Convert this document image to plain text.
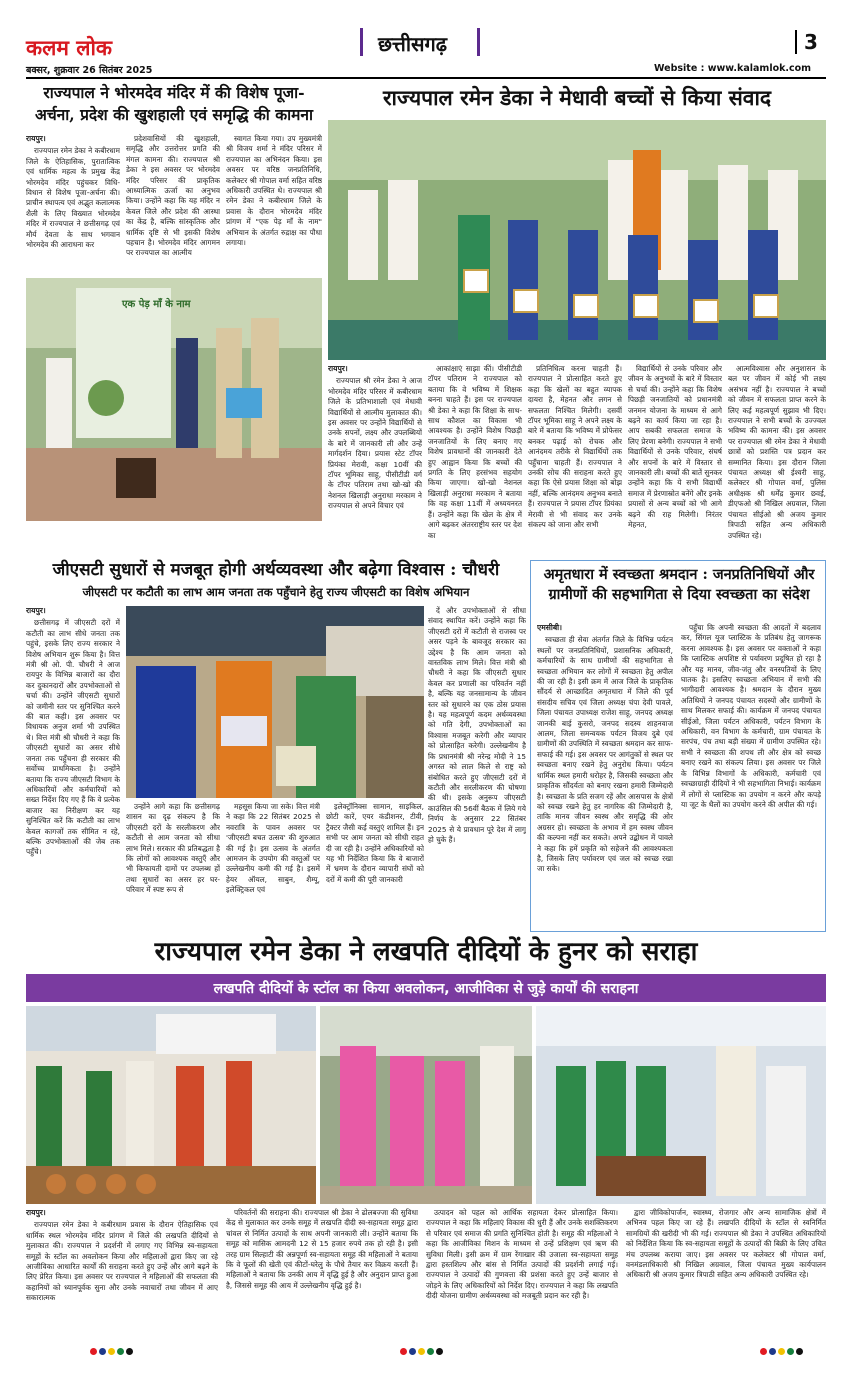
कलम लोक	छत्तीसगढ़	3
बक्सर, शुक्रवार 26 सितंबर 2025	Website : www.kalamlok.com
राज्यपाल ने भोरमदेव मंदिर में की विशेष पूजा-अर्चना, प्रदेश की खुशहाली एवं समृद्धि की कामना
रायपुर।

राज्यपाल रमेन डेका ने कबीरधाम जिले के ऐतिहासिक, पुरातात्विक एवं धार्मिक महत्व के प्रमुख केंद्र भोरमदेव मंदिर पहुंचकर विधि-विधान से विशेष पूजा-अर्चना की। प्राचीन स्थापत्य एवं अद्भुत कलात्मक शैली के लिए विख्यात भोरमदेव मंदिर में राज्यपाल ने छत्तीसगढ़ एवं मौर्य देवता के साथ भगवान भोरमदेव की आराधना कर

प्रदेशवासियों की खुशहाली, समृद्धि और उत्तरोत्तर प्रगति की मंगल कामना की। राज्यपाल श्री डेका ने इस अवसर पर भोरमदेव मंदिर परिसर की प्राकृतिक आध्यात्मिक ऊर्जा का अनुभव किया। उन्होंने कहा कि यह मंदिर न केवल जिले और प्रदेश की आस्था का केंद्र है, बल्कि सांस्कृतिक और धार्मिक दृष्टि से भी इसकी विशेष पहचान है। भोरमदेव मंदिर आगमन पर राज्यपाल का आत्मीय

स्वागत किया गया। उप मुख्यमंत्री श्री विजय शर्मा ने मंदिर परिसर में राज्यपाल का अभिनंदन किया। इस अवसर पर वरिष्ठ जनप्रतिनिधि, कलेक्टर श्री गोपाल वर्मा सहित वरिष्ठ अधिकारी उपस्थित थे। राज्यपाल श्री रमेन डेका ने कबीरधाम जिले के प्रवास के दौरान भोरमदेव मंदिर प्रांगण में "एक पेड़ माँ के नाम" अभियान के अंतर्गत रुद्राक्ष का पौधा लगाया।

एक पेड़ माँ के नाम
राज्यपाल रमेन डेका ने मेधावी बच्चों से किया संवाद
रायपुर।

राज्यपाल श्री रमेन डेका ने आज भोरमदेव मंदिर परिसर में कबीरधाम जिले के प्रतिभाशाली एवं मेधावी विद्यार्थियों से आत्मीय मुलाकात की। इस अवसर पर उन्होंने विद्यार्थियों से उनके सपनों, लक्ष्य और उपलब्धियों के बारे में जानकारी ली और उन्हें मार्गदर्शन दिया। प्रयास स्टेट टॉपर प्रियंका मेरावी, कक्षा 10वीं की टॉपर भूमिका साहू, पीसीटीडी वर्ग के टॉपर पतिराम तथा खो-खो की नेशनल खिलाड़ी अनुराधा मरकाम ने राज्यपाल से अपने विचार एवं

आकांक्षाएं साझा कीं। पीसीटीडी टॉपर पतिराम ने राज्यपाल को बताया कि वे भविष्य में शिक्षक बनना चाहते हैं। इस पर राज्यपाल श्री डेका ने कहा कि शिक्षा के साथ-साथ कौशल का विकास भी आवश्यक है। उन्होंने विशेष पिछड़ी जनजातियों के लिए बनाए गए विशेष प्रावधानों की जानकारी देते हुए आह्वान किया कि बच्चों की प्रगति के लिए हरसंभव सहयोग किया जाएगा। खो-खो नेशनल खिलाड़ी अनुराधा मरकाम ने बताया कि वह कक्षा 11वीं में अध्ययनरत हैं। उन्होंने कहा कि खेल के क्षेत्र में आगे बढ़कर अंतरराष्ट्रीय स्तर पर देश का

प्रतिनिधित्व करना चाहती हैं। राज्यपाल ने प्रोत्साहित करते हुए कहा कि खेलों का बहुत व्यापक दायरा है, मेहनत और लगन से सफलता निश्चित मिलेगी। दसवीं टॉपर भूमिका साहू ने अपने लक्ष्य के बारे में बताया कि भविष्य में प्रोफेसर बनकर पढ़ाई को रोचक और आनंदमय तरीके से विद्यार्थियों तक पहुँचाना चाहती हैं। राज्यपाल ने उनकी सोच की सराहना करते हुए कहा कि ऐसे प्रयास शिक्षा को बोझ नहीं, बल्कि आनंदमय अनुभव बनाते हैं। राज्यपाल ने प्रयास टॉपर प्रियंका मेरावी से भी संवाद कर उनके संकल्प को जाना और सभी

विद्यार्थियों से उनके परिवार और जीवन के अनुभवों के बारे में विस्तार से चर्चा की। उन्होंने कहा कि विशेष पिछड़ी जनजातियों को प्रधानमंत्री जनमन योजना के माध्यम से आगे बढ़ने का कार्य किया जा रहा है। आप सबकी सफलता समाज के लिए प्रेरणा बनेगी। राज्यपाल ने सभी विद्यार्थियों से उनके परिवार, संघर्ष और सपनों के बारे में विस्तार से जानकारी ली। बच्चों की बातें सुनकर उन्होंने कहा कि ये सभी विद्यार्थी समाज में प्रेरणास्रोत बनेंगे और इनके प्रयासों से अन्य बच्चों को भी आगे बढ़ने की राह मिलेगी। निरंतर मेहनत,

आत्मविश्वास और अनुशासन के बल पर जीवन में कोई भी लक्ष्य असंभव नहीं है। राज्यपाल ने बच्चों को जीवन में सफलता प्राप्त करने के लिए कई महत्वपूर्ण सुझाव भी दिए। राज्यपाल ने सभी बच्चों के उज्ज्वल भविष्य की कामना की। इस अवसर पर राज्यपाल श्री रमेन डेका ने मेधावी छात्रों को प्रशस्ति पत्र प्रदान कर सम्मानित किया। इस दौरान जिला पंचायत अध्यक्ष श्री ईश्वरी साहू, कलेक्टर श्री गोपाल वर्मा, पुलिस अधीक्षक श्री धर्मेंद्र कुमार छवई, डीएफओ श्री निखिल अग्रवाल, जिला पंचायत सीईओ श्री अजय कुमार त्रिपाठी सहित अन्य अधिकारी उपस्थित रहे।

जीएसटी सुधारों से मजबूत होगी अर्थव्यवस्था और बढ़ेगा विश्वास : चौधरी
जीएसटी पर कटौती का लाभ आम जनता तक पहुँचाने हेतु राज्य जीएसटी का विशेष अभियान
रायपुर।

छत्तीसगढ़ में जीएसटी दरों में कटौती का लाभ सीधे जनता तक पहुंचे, इसके लिए राज्य सरकार ने विशेष अभियान शुरू किया है। वित्त मंत्री श्री ओ. पी. चौधरी ने आज रायपुर के विभिन्न बाजारों का दौरा कर दुकानदारों और उपभोक्ताओं से चर्चा की। उन्होंने जीएसटी सुधारों को जमीनी स्तर पर सुनिश्चित करने की बात कही। इस अवसर पर विधायक अनुज शर्मा भी उपस्थित थे। वित्त मंत्री श्री चौधरी ने कहा कि जीएसटी सुधारों का असर सीधे जनता तक पहुँचना ही सरकार की सर्वोच्च प्राथमिकता है। उन्होंने बताया कि राज्य जीएसटी विभाग के अधिकारियों और कर्मचारियों को सख्त निर्देश दिए गए हैं कि वे प्रत्येक बाजार का निरीक्षण कर यह सुनिश्चित करें कि कटौती का लाभ केवल कागजों तक सीमित न रहे, बल्कि उपभोक्ताओं की जेब तक पहुँचे।

उन्होंने आगे कहा कि छत्तीसगढ़ शासन का दृढ़ संकल्प है कि जीएसटी दरों के सरलीकरण और कटौती से आम जनता को सीधा लाभ मिले। सरकार की प्रतिबद्धता है कि लोगों को आवश्यक वस्तुएँ और भी किफायती दामों पर उपलब्ध हों तथा सुधारों का असर हर घर-परिवार में स्पष्ट रूप से

महसूस किया जा सके। वित्त मंत्री ने कहा कि 22 सितंबर 2025 से नवरात्रि के पावन अवसर पर 'जीएसटी बचत उत्सव' की शुरुआत की गई है। इस उत्सव के अंतर्गत आमजन के उपयोग की वस्तुओं पर उल्लेखनीय कमी की गई है। इसमें हेयर ऑयल, साबुन, शैम्पू, इलेक्ट्रिकल एवं

इलेक्ट्रॉनिक्स सामान, साइकिल, छोटी कारें, एयर कंडीशनर, टीवी, ट्रैक्टर जैसी कई वस्तुएं शामिल हैं। इन सभी पर आम जनता को सीधी राहत दी जा रही है। उन्होंने अधिकारियों को यह भी निर्देशित किया कि वे बाजारों में भ्रमण के दौरान व्यापारी संघों को दरों में कमी की पूरी जानकारी

दें और उपभोक्ताओं से सीधा संवाद स्थापित करें। उन्होंने कहा कि जीएसटी दरों में कटौती से राजस्व पर असर पड़ने के बावजूद सरकार का उद्देश्य है कि आम जनता को वास्तविक लाभ मिले। वित्त मंत्री श्री चौधरी ने कहा कि जीएसटी सुधार केवल कर प्रणाली का परिवर्तन नहीं है, बल्कि यह जनसामान्य के जीवन स्तर को सुधारने का एक ठोस प्रयास है। यह महत्वपूर्ण कदम अर्थव्यवस्था को गति देगी, उपभोक्ताओं का विश्वास मजबूत करेगी और व्यापार को प्रोत्साहित करेगी। उल्लेखनीय है कि प्रधानमंत्री श्री नरेन्द्र मोदी ने 15 अगस्त को लाल किले से राष्ट्र को संबोधित करते हुए जीएसटी दरों में कटौती और सरलीकरण की घोषणा की थी। इसके अनुरूप जीएसटी काउंसिल की 56वीं बैठक में लिये गये निर्णय के अनुसार 22 सितंबर 2025 से ये प्रावधान पूरे देश में लागू हो चुके हैं।

अमृतधारा में स्वच्छता श्रमदान : जनप्रतिनिधियों और ग्रामीणों की सहभागिता से दिया स्वच्छता का संदेश
एमसीबी।

स्वच्छता ही सेवा अंतर्गत जिले के विभिन्न पर्यटन स्थलों पर जनप्रतिनिधियों, प्रशासनिक अधिकारी, कर्मचारियों के साथ ग्रामीणों की सहभागिता से स्वच्छता अभियान कर लोगों में स्वच्छता हेतु अपील की जा रही है। इसी क्रम में आज जिले के प्राकृतिक सौंदर्य से आच्छादित अमृतधारा में जिले की पूर्व संसदीय सचिव एवं जिला अध्यक्ष चंपा देवी पावले, जिला पंचायत उपाध्यक्ष राजेश साहू, जनपद अध्यक्ष जानकी बाई कुसरो, जनपद सदस्य शाहनवाज आलम, जिला समन्वयक पर्यटन विजय दुबे एवं ग्रामीणों की उपस्थिति में स्वच्छता श्रमदान कर साफ-सफाई की गई। इस अवसर पर आगंतुकों से स्थल पर स्वच्छता बनाए रखने हेतु अनुरोध किया। पर्यटन धार्मिक स्थल हमारी धरोहर है, जिसकी स्वच्छता और प्राकृतिक सौंदर्यता को बनाए रखना हमारी जिम्मेदारी है। स्वच्छता के प्रति सजग रहें और आसपास के क्षेत्रों को स्वच्छ रखने हेतु हर नागरिक की जिम्मेदारी है, ताकि मानव जीवन स्वस्थ और समृद्धि की ओर अग्रसर हो। स्वच्छता के अभाव में हम स्वस्थ जीवन की कल्पना नहीं कर सकते। अपने उद्बोधन में पावले ने कहा कि हमें प्रकृति को सहेजने की आवश्यकता है, जिसके लिए पर्यावरण एवं जल को स्वच्छ रखा जा सके।

पहुँचा कि अपनी स्वच्छता की आदतों में बदलाव कर, सिंगल यूज प्लास्टिक के प्रतिबंध हेतु जागरूक करना आवश्यक है। इस अवसर पर वक्ताओं ने कहा कि प्लास्टिक अपशिष्ट से पर्यावरण प्रदूषित हो रहा है और यह मानव, जीव-जंतु और वनस्पतियों के लिए घातक है। इसलिए स्वच्छता अभियान में सभी की भागीदारी आवश्यक है। श्रमदान के दौरान मुख्य अतिथियों ने जनपद पंचायत सदस्यों और ग्रामीणों के साथ मिलकर सफाई की। कार्यक्रम में जनपद पंचायत सीईओ, जिला पर्यटन अधिकारी, पर्यटन विभाग के अधिकारी, वन विभाग के कर्मचारी, ग्राम पंचायत के सरपंच, पंच तथा बड़ी संख्या में ग्रामीण उपस्थित रहे। सभी ने स्वच्छता की शपथ ली और क्षेत्र को स्वच्छ बनाए रखने का संकल्प लिया। इस अवसर पर जिले के विभिन्न विभागों के अधिकारी, कर्मचारी एवं स्वच्छाग्राही दीदियों ने भी सहभागिता निभाई। कार्यक्रम में लोगों से प्लास्टिक का उपयोग न करने और कपड़े या जूट के थैलों का उपयोग करने की अपील की गई।

राज्यपाल रमेन डेका ने लखपति दीदियों के हुनर को सराहा
लखपति दीदियों के स्टॉल का किया अवलोकन, आजीविका से जुड़े कार्यों की सराहना
रायपुर।

राज्यपाल रमेन डेका ने कबीरधाम प्रवास के दौरान ऐतिहासिक एवं धार्मिक स्थल भोरमदेव मंदिर प्रांगण में जिले की लखपति दीदियों से मुलाकात की। राज्यपाल ने प्रदर्शनी में लगाए गए विभिन्न स्व-सहायता समूहों के स्टॉल का अवलोकन किया और महिलाओं द्वारा किए जा रहे आजीविका आधारित कार्यों की सराहना करते हुए उन्हें और आगे बढ़ने के लिए प्रेरित किया। इस अवसर पर राज्यपाल ने महिलाओं की सफलता की कहानियों को ध्यानपूर्वक सुना और उनके नवाचारों तथा जीवन में आए सकारात्मक

परिवर्तनों की सराहना की। राज्यपाल श्री डेका ने ढोलबज्जा की सुविधा केंद्र से मुलाकात कर उनके समूह में लखपति दीदी स्व-सहायता समूह द्वारा चांवल से निर्मित उत्पादों के साथ अपनी जानकारी ली। उन्होंने बताया कि समूह को मासिक आमदनी 12 से 15 हजार रुपये तक हो रही है। इसी तरह ग्राम सिल्हाटी की अन्नपूर्णा स्व-सहायता समूह की महिलाओं ने बताया कि वे फूलों की खेती एवं कीटों-घरेलु के पौधे तैयार कर विक्रय करती हैं। महिलाओं ने बताया कि उनकी आय में वृद्धि हुई है और अनुदान प्राप्त हुआ है, जिससे समूह की आय में उल्लेखनीय वृद्धि हुई है।

उत्पादन को पहल को आर्थिक सहायता देकर प्रोत्साहित किया। राज्यपाल ने कहा कि महिलाएं विकास की धुरी हैं और उनके सशक्तिकरण से परिवार एवं समाज की प्रगति सुनिश्चित होती है। समूह की महिलाओं ने कहा कि आजीविका मिशन के माध्यम से उन्हें प्रशिक्षण एवं ऋण की सुविधा मिली। इसी क्रम में ग्राम रेंगाखार की उजाला स्व-सहायता समूह द्वारा हस्तशिल्प और बांस से निर्मित उत्पादों की प्रदर्शनी लगाई गई। राज्यपाल ने उत्पादों की गुणवत्ता की प्रशंसा करते हुए उन्हें बाजार से जोड़ने के लिए अधिकारियों को निर्देश दिए। राज्यपाल ने कहा कि लखपति दीदी योजना ग्रामीण अर्थव्यवस्था को मजबूती प्रदान कर रही है।

द्वारा जीविकोपार्जन, स्वास्थ्य, रोजगार और अन्य सामाजिक क्षेत्रों में अभिनव पहल किए जा रहे हैं। लखपति दीदियों के स्टॉल से स्वनिर्मित सामग्रियों की खरीदी भी की गई। राज्यपाल श्री डेका ने उपस्थित अधिकारियों को निर्देशित किया कि स्व-सहायता समूहों के उत्पादों की बिक्री के लिए उचित मंच उपलब्ध कराया जाए। इस अवसर पर कलेक्टर श्री गोपाल वर्मा, वनमंडलाधिकारी श्री निखिल अग्रवाल, जिला पंचायत मुख्य कार्यपालन अधिकारी श्री अजय कुमार त्रिपाठी सहित अन्य अधिकारी उपस्थित रहे।
